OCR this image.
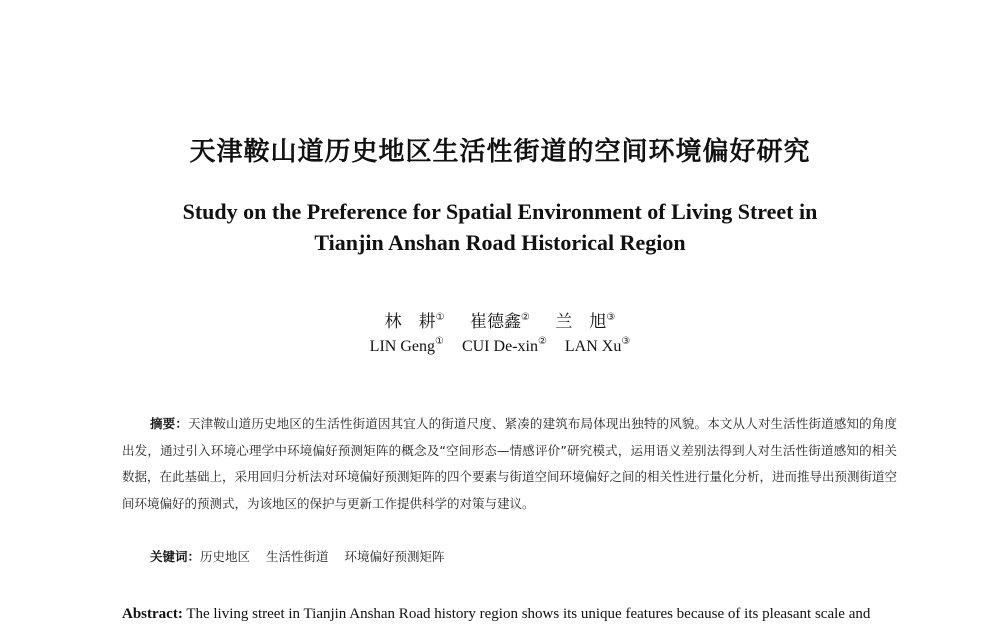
天津鞍山道历史地区生活性街道的空间环境偏好研究
Study on the Preference for Spatial Environment of Living Street in
Tianjin Anshan Road Historical Region
林　耕① 崔德鑫② 兰　旭③
LIN Geng① CUI De-xin② LAN Xu③
摘要：天津鞍山道历史地区的生活性街道因其宜人的街道尺度、紧凑的建筑布局体现出独特的风貌。本文从人对生活性街道感知的角度出发，通过引入环境心理学中环境偏好预测矩阵的概念及“空间形态—情感评价”研究模式，运用语义差别法得到人对生活性街道感知的相关数据，在此基础上，采用回归分析法对环境偏好预测矩阵的四个要素与街道空间环境偏好之间的相关性进行量化分析，进而推导出预测街道空间环境偏好的预测式，为该地区的保护与更新工作提供科学的对策与建议。
关键词：历史地区 生活性街道 环境偏好预测矩阵
Abstract: The living street in Tianjin Anshan Road history region shows its unique features because of its pleasant scale and
